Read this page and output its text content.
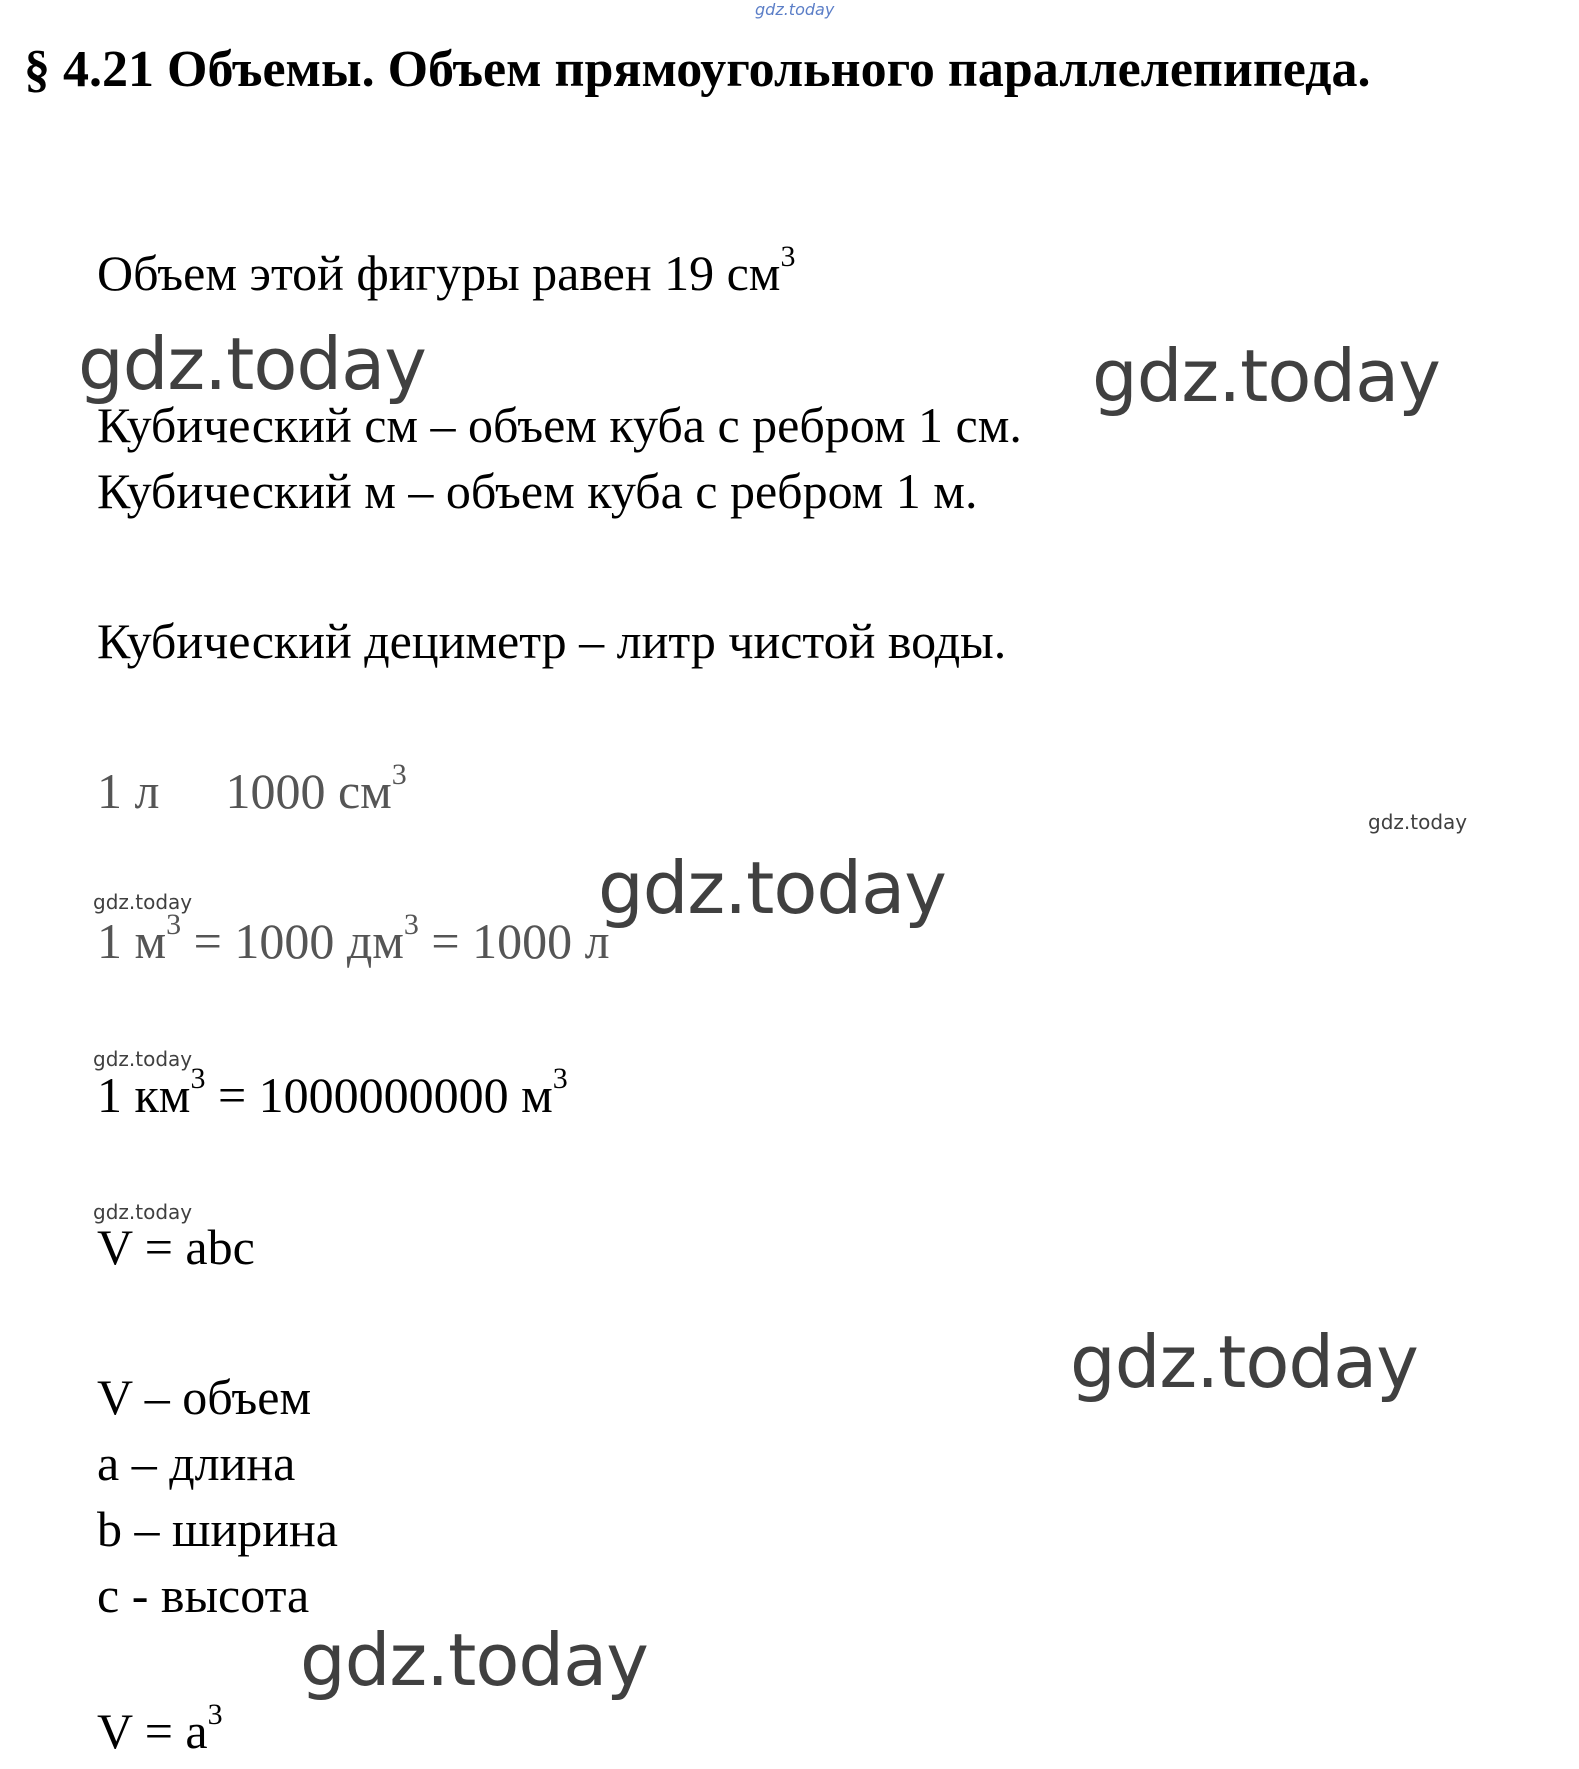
gdz.today
§ 4.21 Объемы. Объем прямоугольного параллелепипеда.
Объем этой фигуры равен 19 $см^3$
gdz.today	gdz.today
Кубический см – объем куба с ребром 1 см.
Кубический м – объем куба с ребром 1 м.
Кубический дециметр – литр чистой воды.
1 л 1000 $см^3$
gdz.today
gdz.today
gdz.today
1 $м^3 = 1000$ $дм^3 = 1000$ л
gdz.today
1 $км^3 = 1000000000$ $м^3$
gdz.today
V = abc
gdz.today
V – объем
a – длина
b – ширина
c - высота
gdz.today
$V = a^3$
